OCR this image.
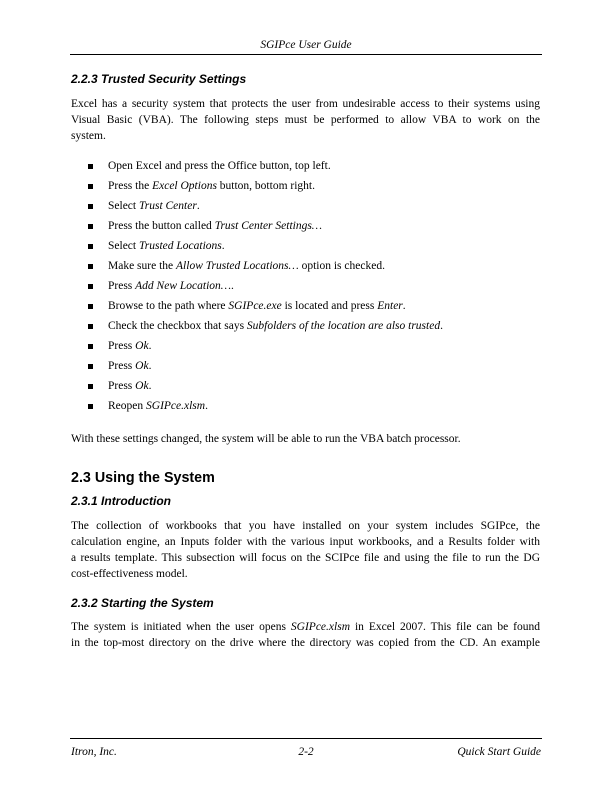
SGIPce User Guide
2.2.3 Trusted Security Settings
Excel has a security system that protects the user from undesirable access to their systems using
Visual Basic (VBA). The following steps must be performed to allow VBA to work on the
system.
Open Excel and press the Office button, top left.
Press the Excel Options button, bottom right.
Select Trust Center.
Press the button called Trust Center Settings…
Select Trusted Locations.
Make sure the Allow Trusted Locations… option is checked.
Press Add New Location….
Browse to the path where SGIPce.exe is located and press Enter.
Check the checkbox that says Subfolders of the location are also trusted.
Press Ok.
Press Ok.
Press Ok.
Reopen SGIPce.xlsm.
With these settings changed, the system will be able to run the VBA batch processor.
2.3 Using the System
2.3.1 Introduction
The collection of workbooks that you have installed on your system includes SGIPce, the
calculation engine, an Inputs folder with the various input workbooks, and a Results folder with
a results template. This subsection will focus on the SCIPce file and using the file to run the DG
cost-effectiveness model.
2.3.2 Starting the System
The system is initiated when the user opens SGIPce.xlsm in Excel 2007. This file can be found
in the top-most directory on the drive where the directory was copied from the CD. An example
Itron, Inc.	2-2	Quick Start Guide
